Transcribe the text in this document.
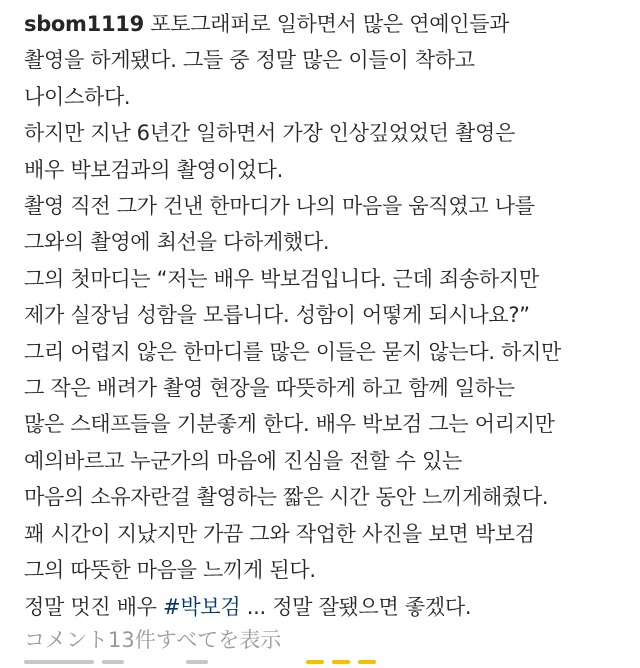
sbom1119 포토그래퍼로 일하면서 많은 연예인들과
촬영을 하게됐다. 그들 중 정말 많은 이들이 착하고
나이스하다.
하지만 지난 6년간 일하면서 가장 인상깊었었던 촬영은
배우 박보검과의 촬영이었다.
촬영 직전 그가 건낸 한마디가 나의 마음을 움직였고 나를
그와의 촬영에 최선을 다하게했다.
그의 첫마디는 “저는 배우 박보검입니다. 근데 죄송하지만
제가 실장님 성함을 모릅니다. 성함이 어떻게 되시나요?”
그리 어렵지 않은 한마디를 많은 이들은 묻지 않는다. 하지만
그 작은 배려가 촬영 현장을 따뜻하게 하고 함께 일하는
많은 스태프들을 기분좋게 한다. 배우 박보검 그는 어리지만
예의바르고 누군가의 마음에 진심을 전할 수 있는
마음의 소유자란걸 촬영하는 짧은 시간 동안 느끼게해줬다.
꽤 시간이 지났지만 가끔 그와 작업한 사진을 보면 박보검
그의 따뜻한 마음을 느끼게 된다.
정말 멋진 배우 #박보검 ... 정말 잘됐으면 좋겠다.
コメント13件すべてを表示
